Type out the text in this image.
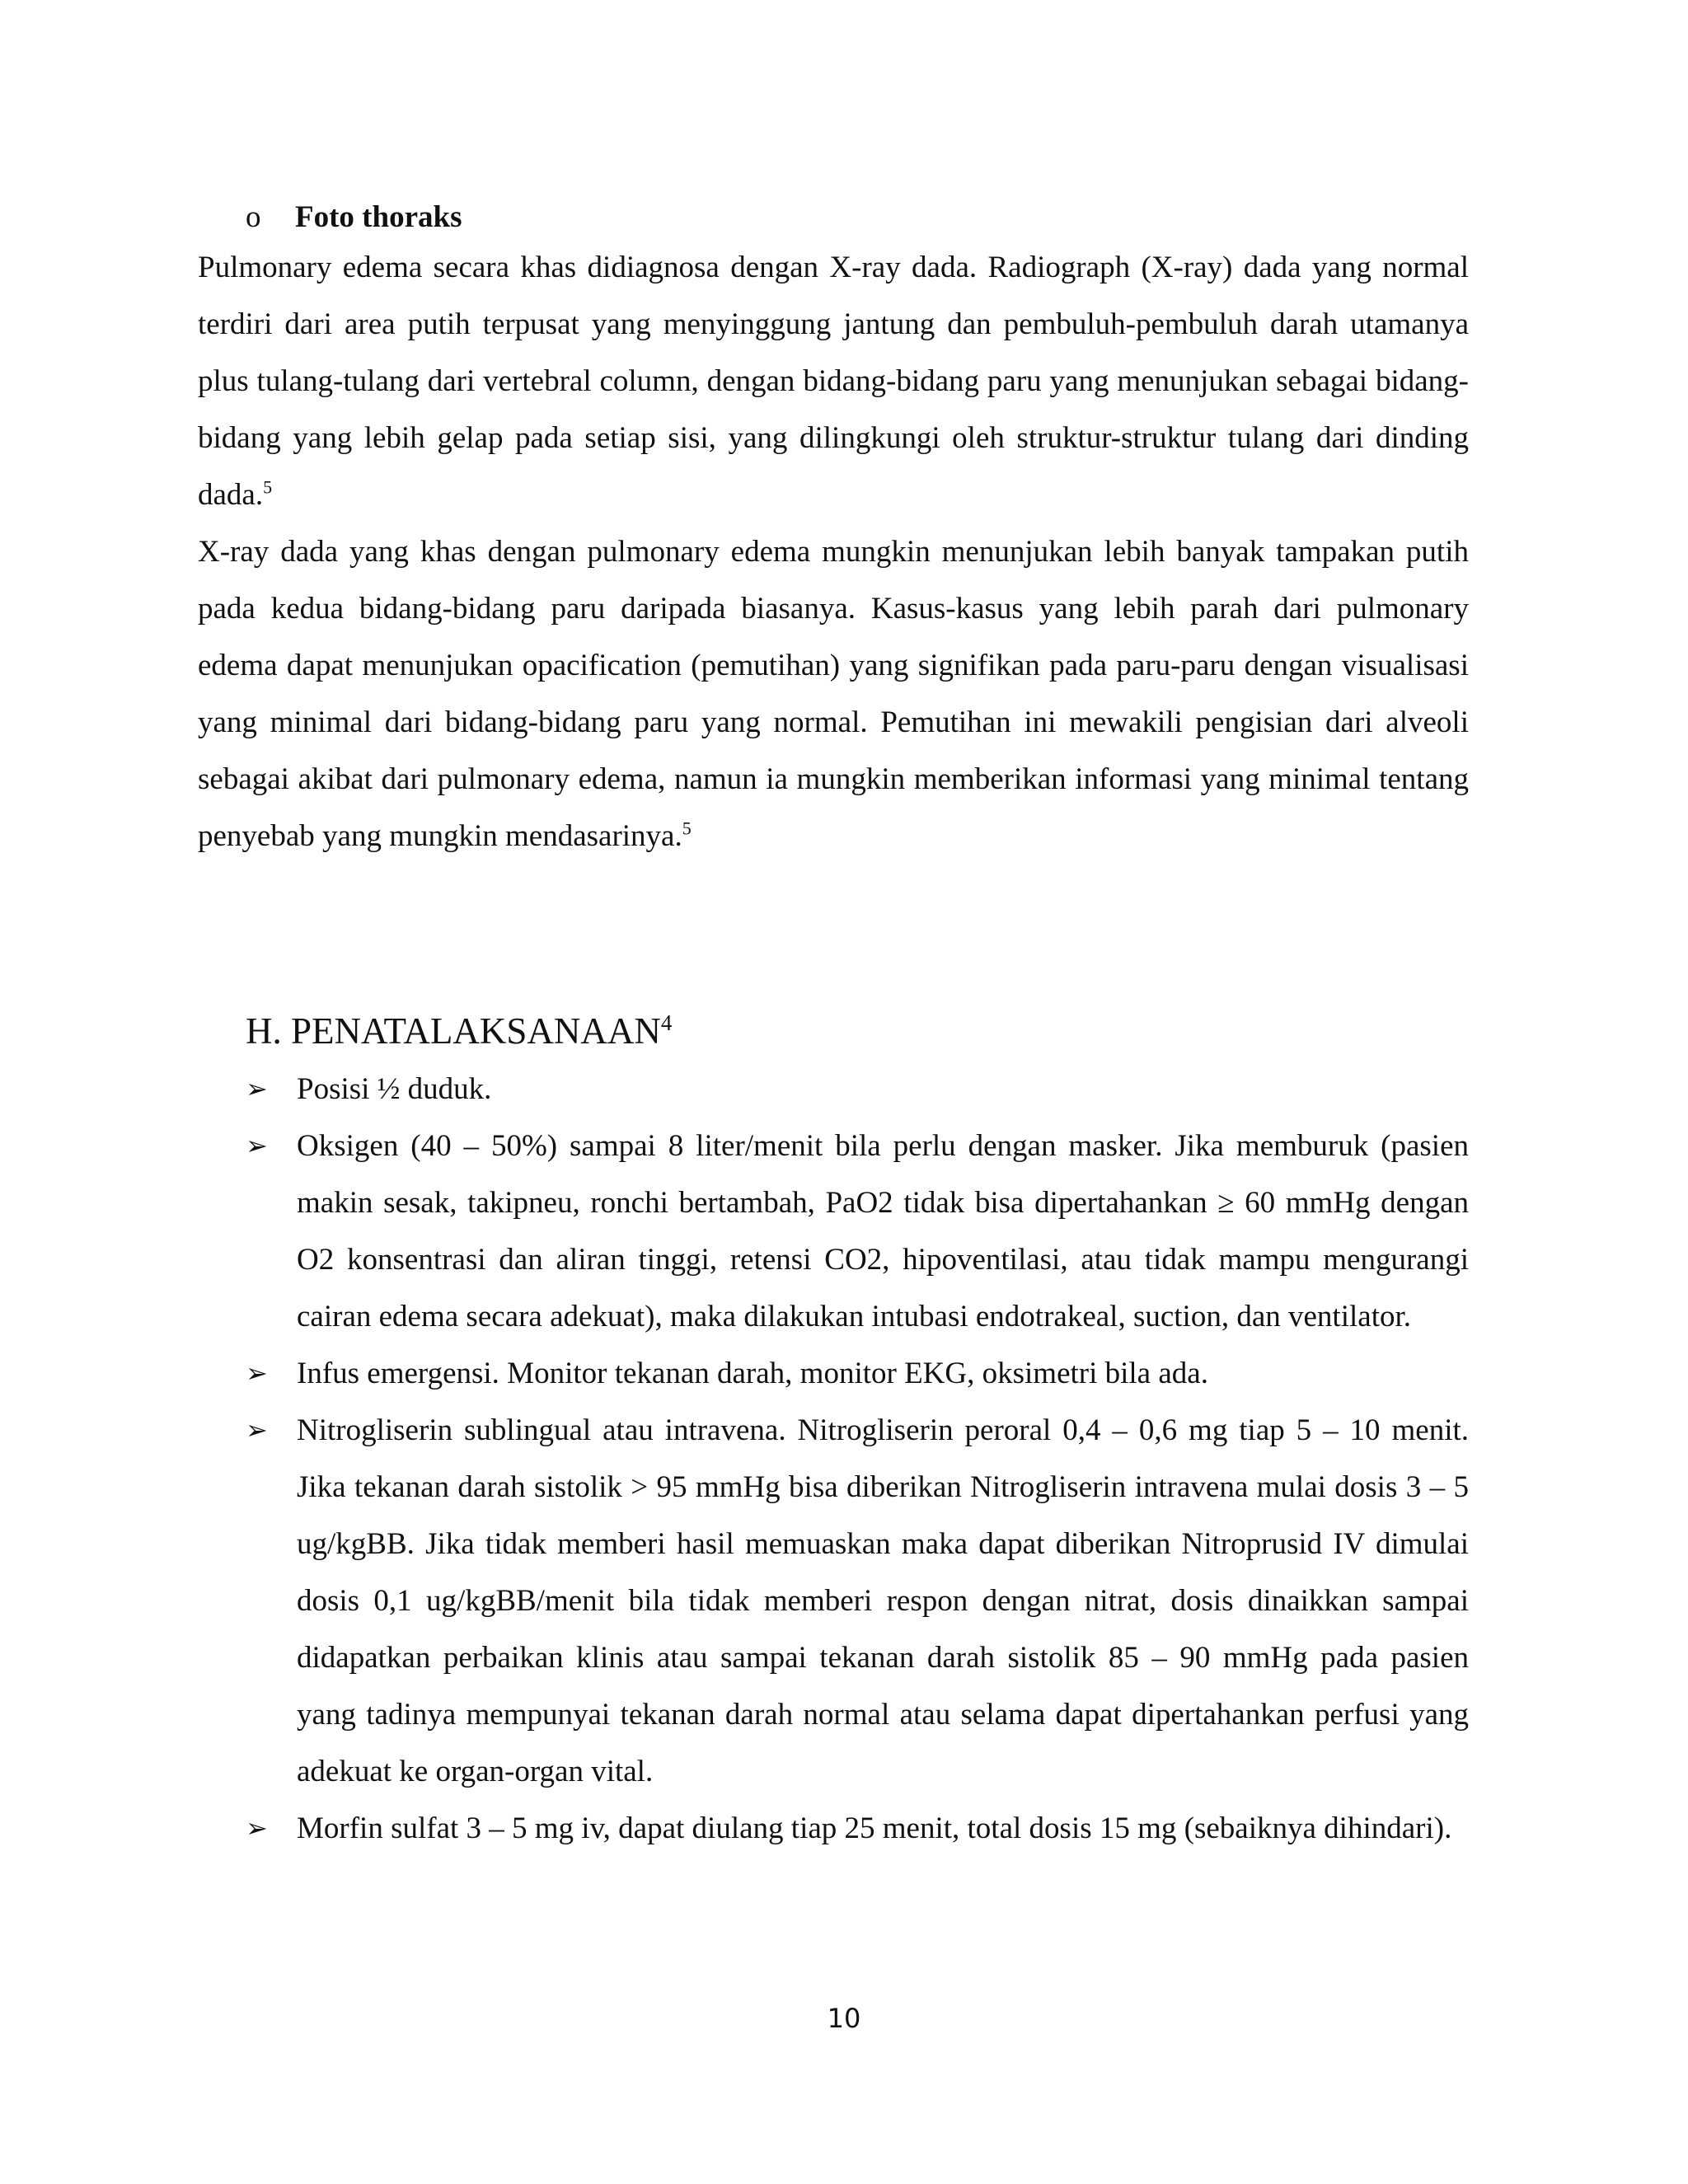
o	Foto thoraks

Pulmonary edema secara khas didiagnosa dengan X-ray dada. Radiograph (X-ray) dada yang normal terdiri dari area putih terpusat yang menyinggung jantung dan pembuluh-pembuluh darah utamanya plus tulang-tulang dari vertebral column, dengan bidang-bidang paru yang menunjukan sebagai bidang-bidang yang lebih gelap pada setiap sisi, yang dilingkungi oleh struktur-struktur tulang dari dinding dada.$^5$

X-ray dada yang khas dengan pulmonary edema mungkin menunjukan lebih banyak tampakan putih pada kedua bidang-bidang paru daripada biasanya. Kasus-kasus yang lebih parah dari pulmonary edema dapat menunjukan opacification (pemutihan) yang signifikan pada paru-paru dengan visualisasi yang minimal dari bidang-bidang paru yang normal. Pemutihan ini mewakili pengisian dari alveoli sebagai akibat dari pulmonary edema, namun ia mungkin memberikan informasi yang minimal tentang penyebab yang mungkin mendasarinya.$^5$

H. PENATALAKSANAAN$^4$
➢ Posisi ½ duduk.
➢ Oksigen (40 – 50%) sampai 8 liter/menit bila perlu dengan masker. Jika memburuk (pasien makin sesak, takipneu, ronchi bertambah, PaO2 tidak bisa dipertahankan ≥ 60 mmHg dengan O2 konsentrasi dan aliran tinggi, retensi CO2, hipoventilasi, atau tidak mampu mengurangi cairan edema secara adekuat), maka dilakukan intubasi endotrakeal, suction, dan ventilator.
➢ Infus emergensi. Monitor tekanan darah, monitor EKG, oksimetri bila ada.
➢ Nitrogliserin sublingual atau intravena. Nitrogliserin peroral 0,4 – 0,6 mg tiap 5 – 10 menit. Jika tekanan darah sistolik > 95 mmHg bisa diberikan Nitrogliserin intravena mulai dosis 3 – 5 ug/kgBB. Jika tidak memberi hasil memuaskan maka dapat diberikan Nitroprusid IV dimulai dosis 0,1 ug/kgBB/menit bila tidak memberi respon dengan nitrat, dosis dinaikkan sampai didapatkan perbaikan klinis atau sampai tekanan darah sistolik 85 – 90 mmHg pada pasien yang tadinya mempunyai tekanan darah normal atau selama dapat dipertahankan perfusi yang adekuat ke organ-organ vital.
➢ Morfin sulfat 3 – 5 mg iv, dapat diulang tiap 25 menit, total dosis 15 mg (sebaiknya dihindari).
10
